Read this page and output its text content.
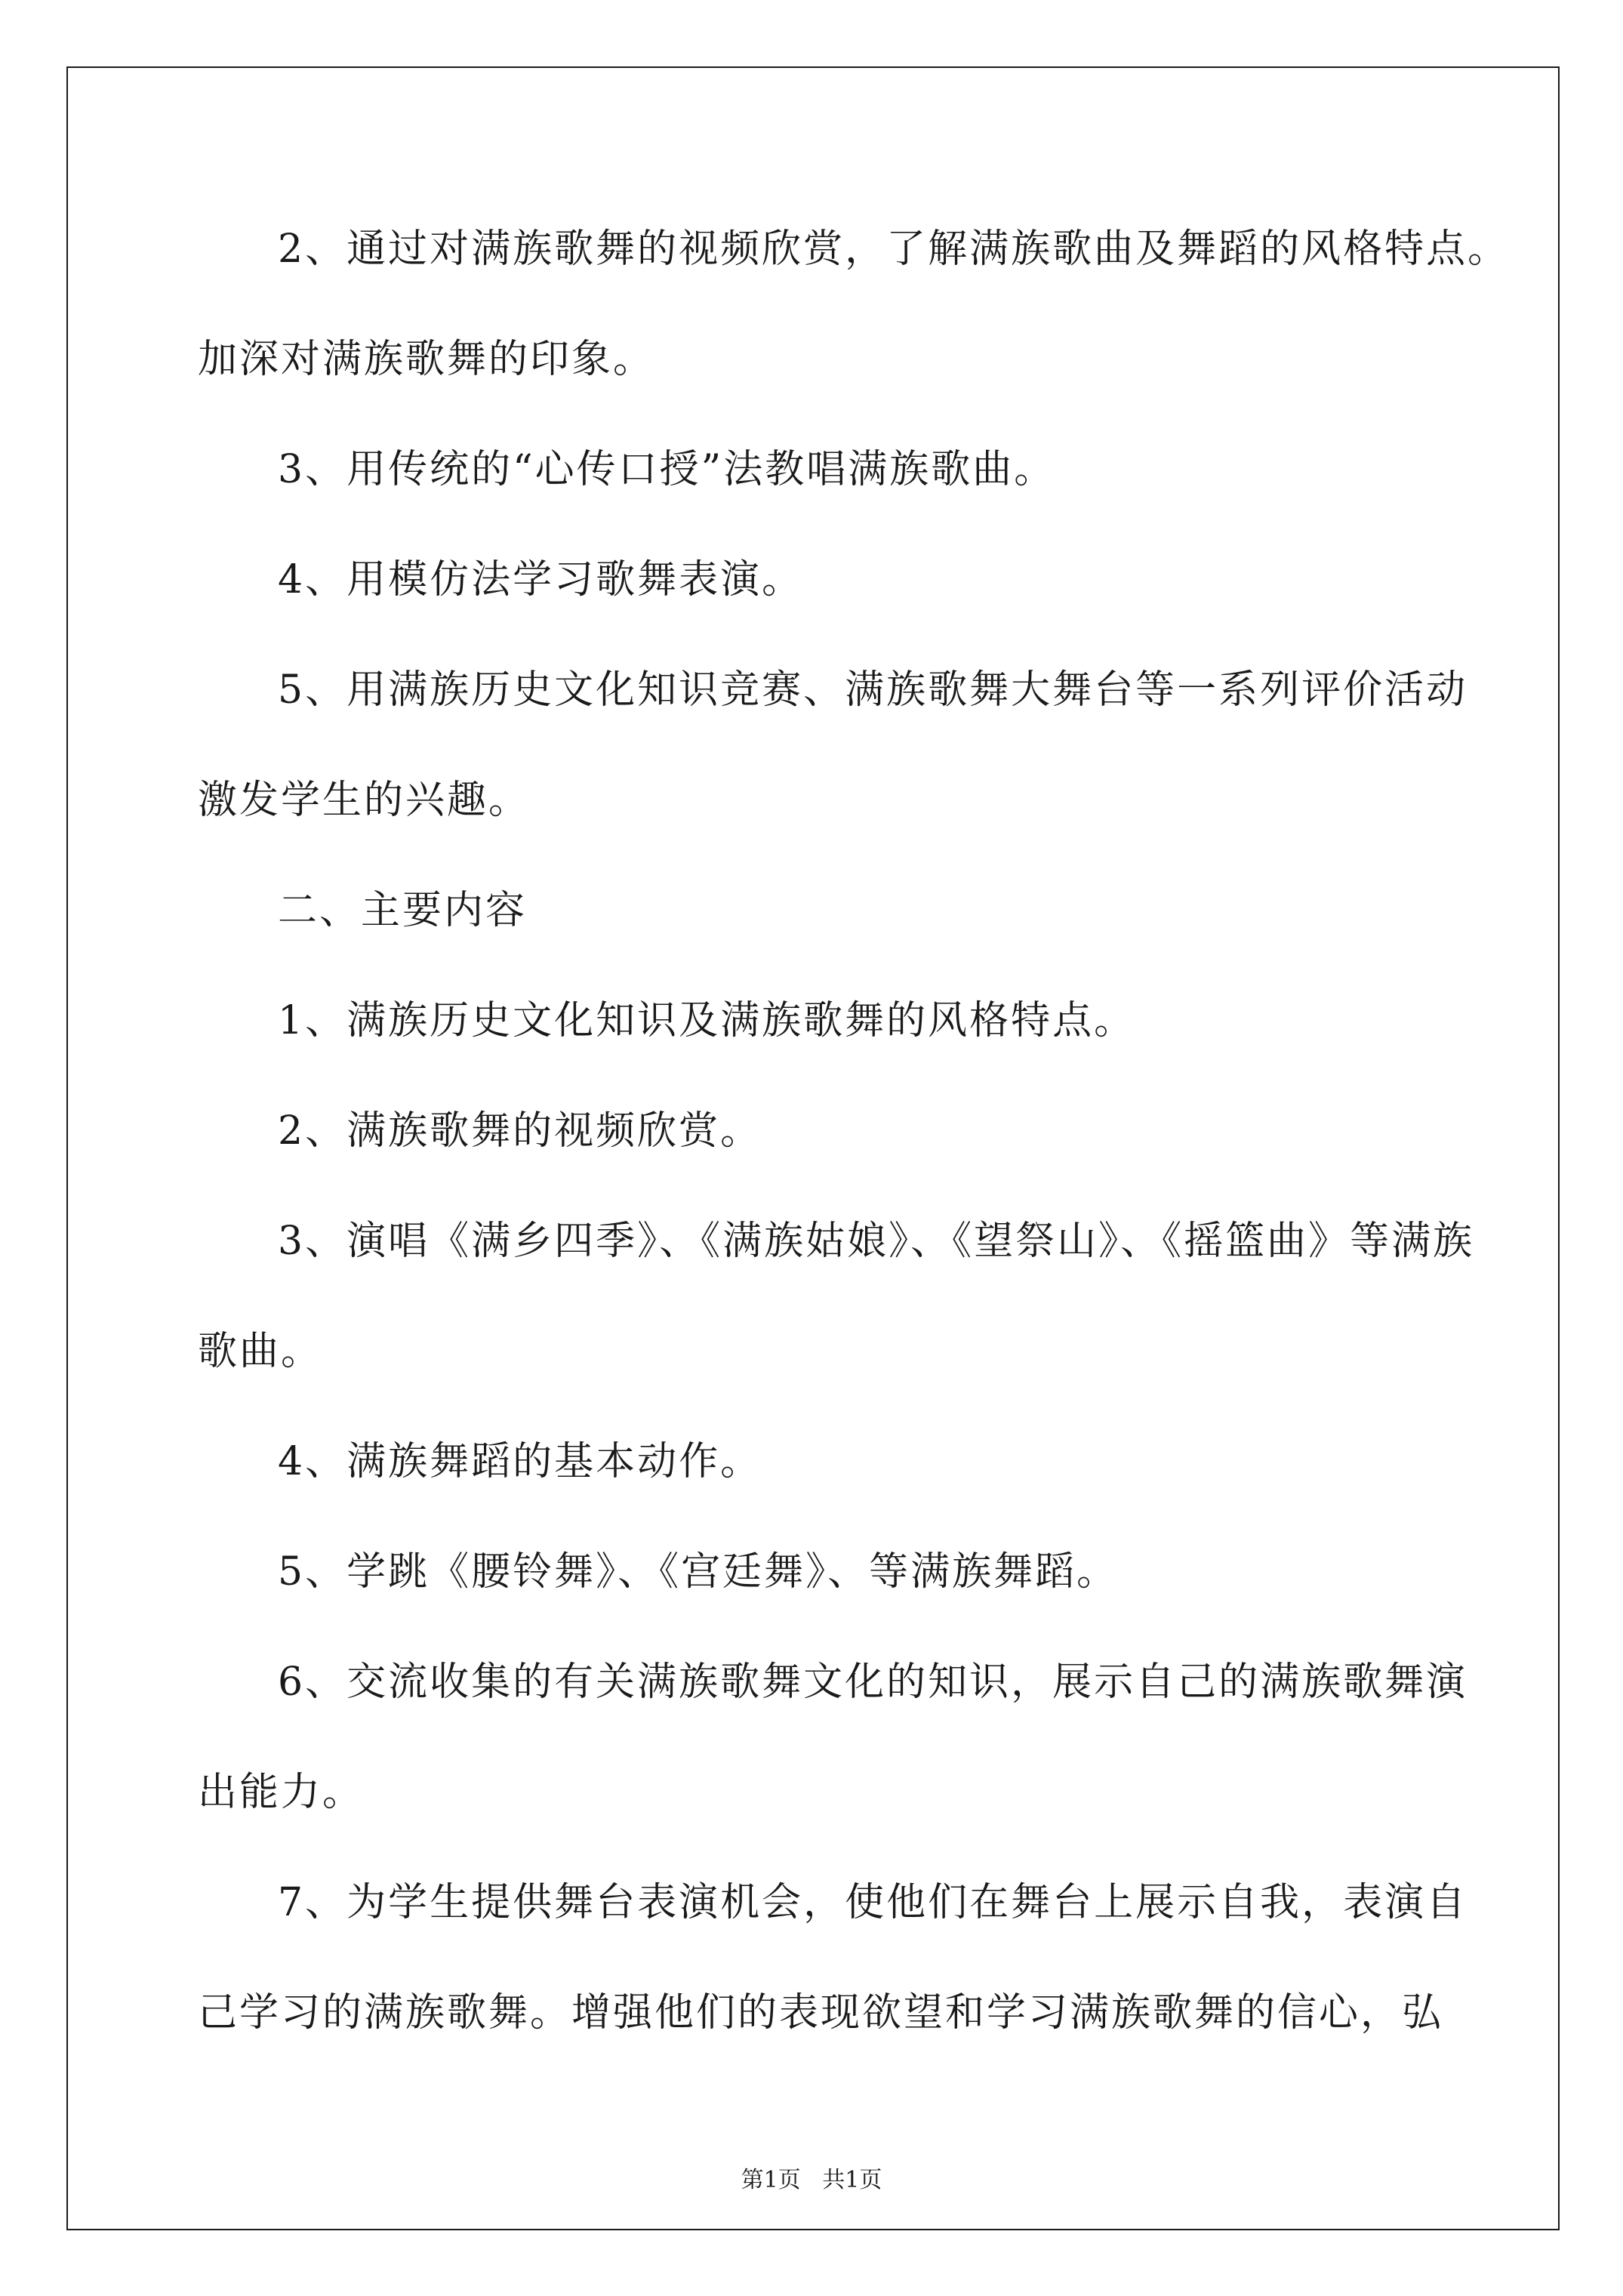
2、通过对满族歌舞的视频欣赏，了解满族歌曲及舞蹈的风格特点。
加深对满族歌舞的印象。
3、用传统的“心传口授”法教唱满族歌曲。
4、用模仿法学习歌舞表演。
5、用满族历史文化知识竞赛、满族歌舞大舞台等一系列评价活动
激发学生的兴趣。
二、主要内容
1、满族历史文化知识及满族歌舞的风格特点。
2、满族歌舞的视频欣赏。
3、演唱《满乡四季》、《满族姑娘》、《望祭山》、《摇篮曲》等满族
歌曲。
4、满族舞蹈的基本动作。
5、学跳《腰铃舞》、《宫廷舞》、等满族舞蹈。
6、交流收集的有关满族歌舞文化的知识，展示自己的满族歌舞演
出能力。
7、为学生提供舞台表演机会，使他们在舞台上展示自我，表演自
己学习的满族歌舞。增强他们的表现欲望和学习满族歌舞的信心，弘
第1页   共1页
